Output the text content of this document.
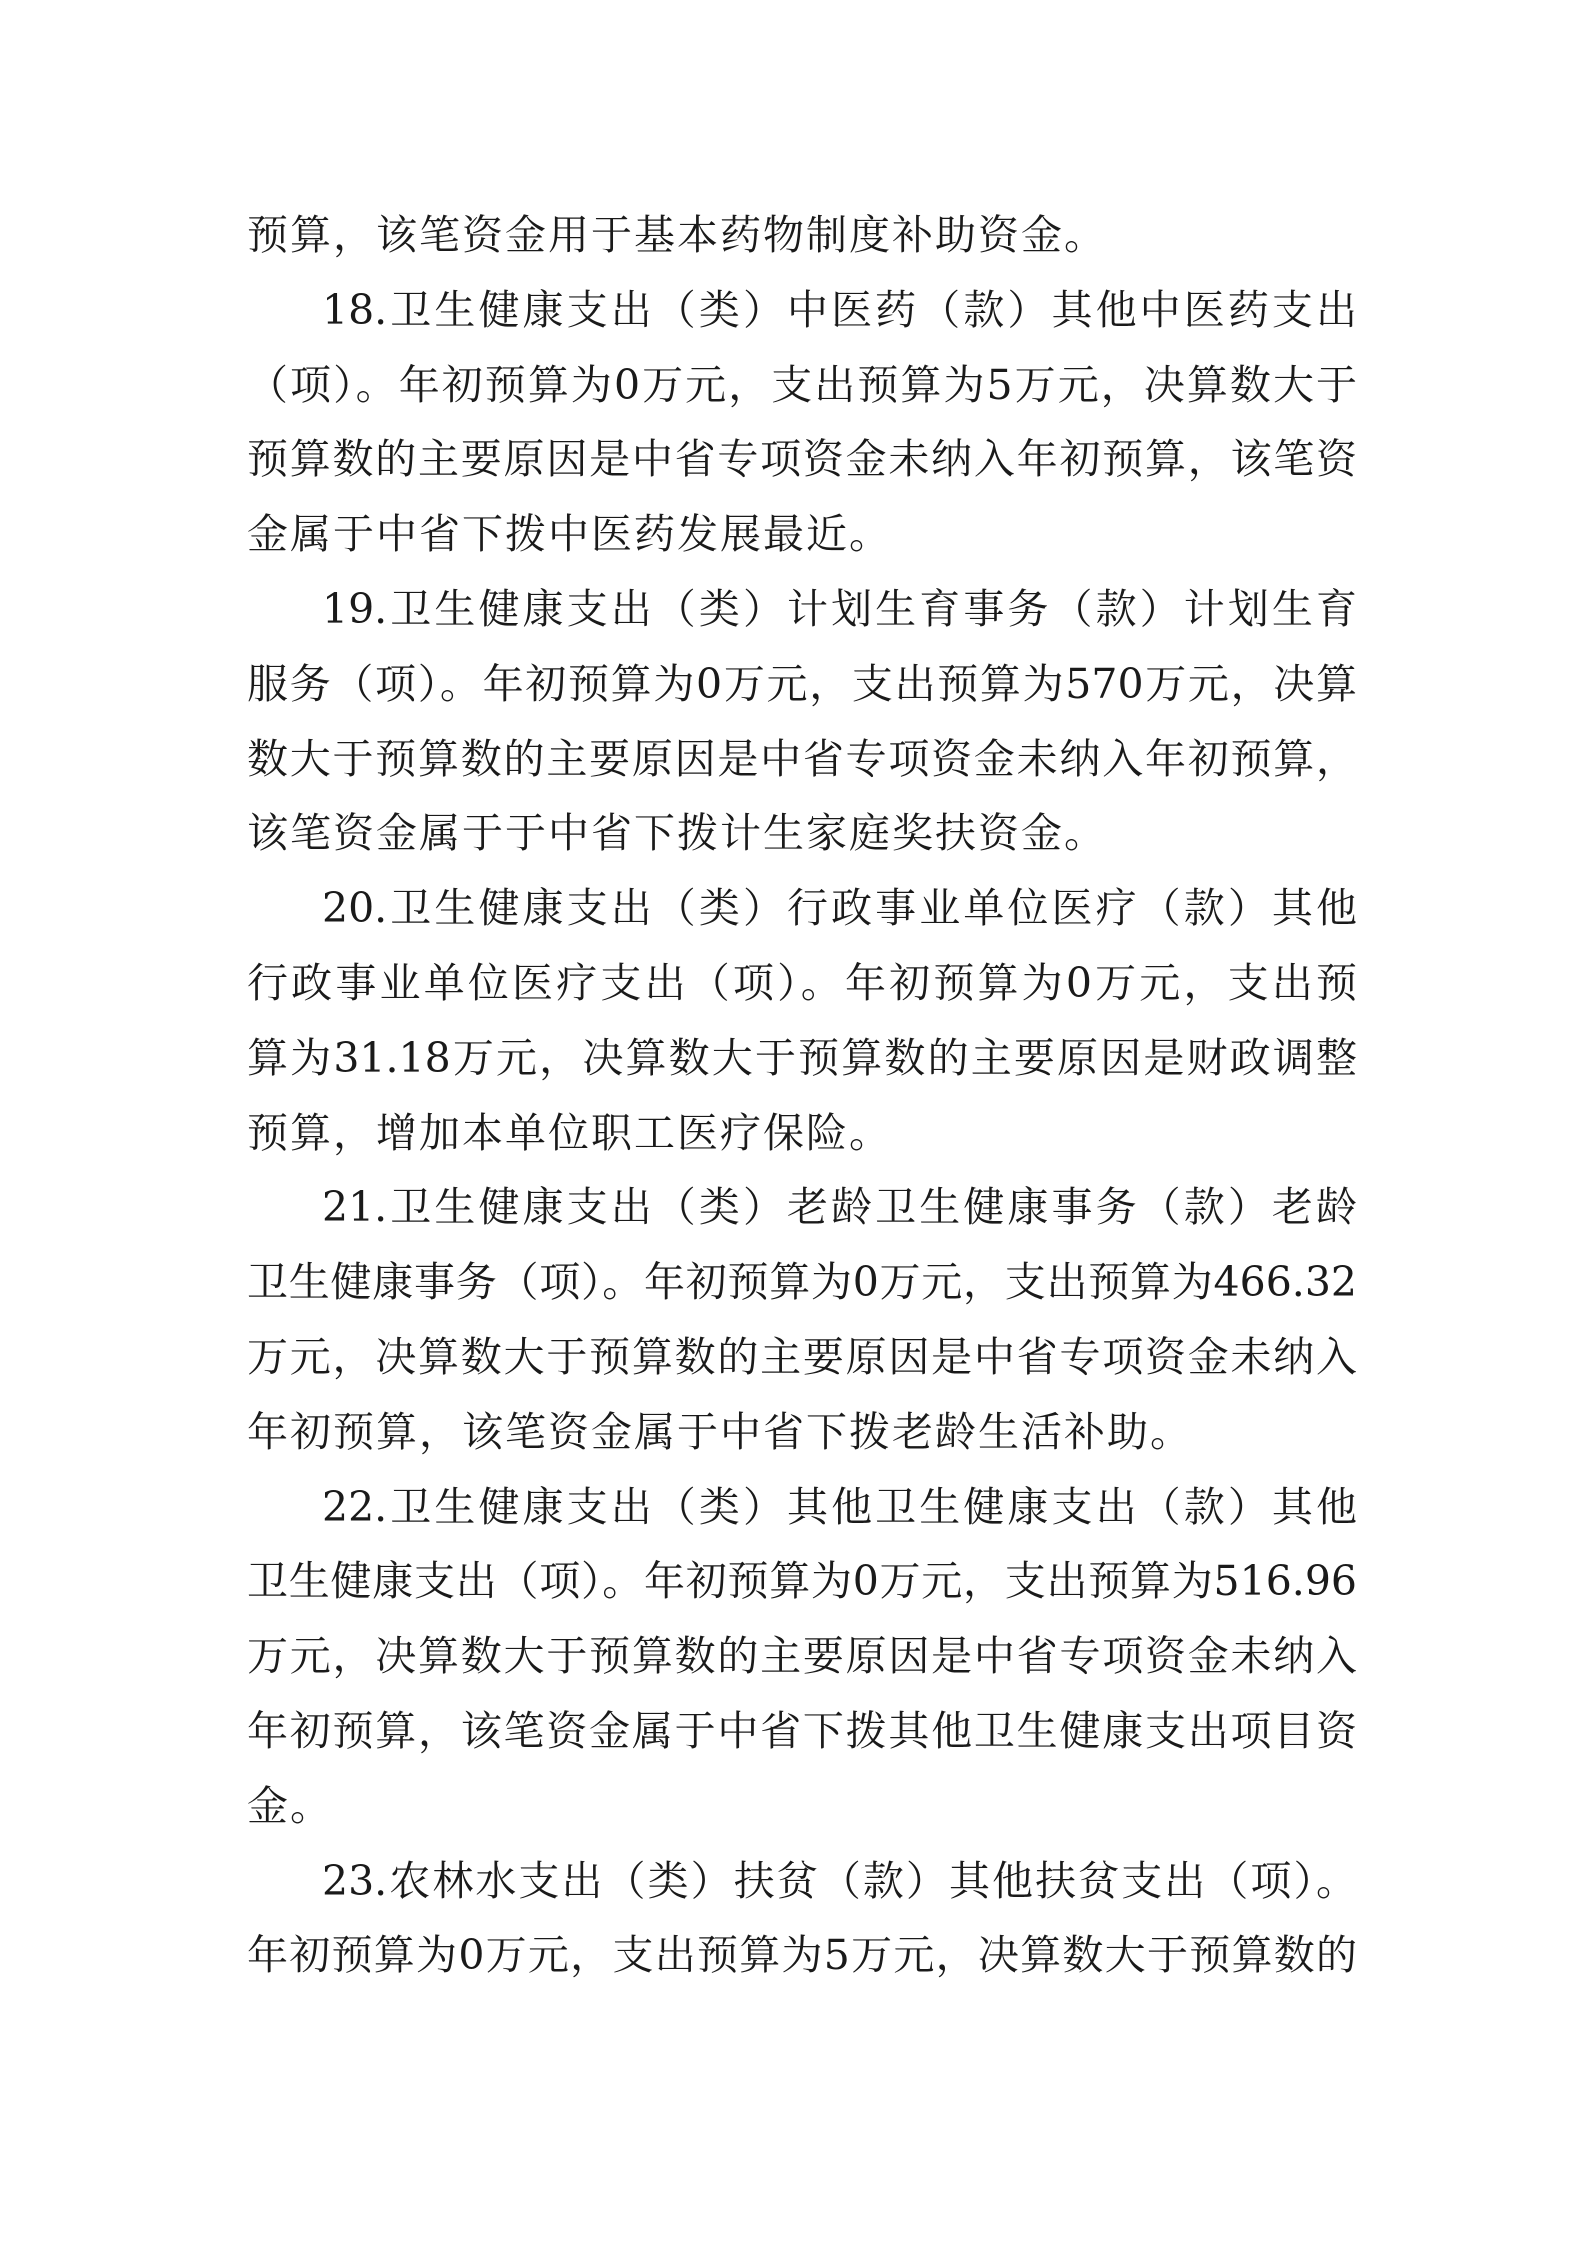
预算，该笔资金用于基本药物制度补助资金。
18.卫生健康支出（类）中医药（款）其他中医药支出
（项）。年初预算为0万元，支出预算为5万元，决算数大于
预算数的主要原因是中省专项资金未纳入年初预算，该笔资
金属于中省下拨中医药发展最近。
19.卫生健康支出（类）计划生育事务（款）计划生育
服务（项）。年初预算为0万元，支出预算为570万元，决算
数大于预算数的主要原因是中省专项资金未纳入年初预算，
该笔资金属于于中省下拨计生家庭奖扶资金。
20.卫生健康支出（类）行政事业单位医疗（款）其他
行政事业单位医疗支出（项）。年初预算为0万元，支出预
算为31.18万元，决算数大于预算数的主要原因是财政调整
预算，增加本单位职工医疗保险。
21.卫生健康支出（类）老龄卫生健康事务（款）老龄
卫生健康事务（项）。年初预算为0万元，支出预算为466.32
万元，决算数大于预算数的主要原因是中省专项资金未纳入
年初预算，该笔资金属于中省下拨老龄生活补助。
22.卫生健康支出（类）其他卫生健康支出（款）其他
卫生健康支出（项）。年初预算为0万元，支出预算为516.96
万元，决算数大于预算数的主要原因是中省专项资金未纳入
年初预算，该笔资金属于中省下拨其他卫生健康支出项目资
金。
23.农林水支出（类）扶贫（款）其他扶贫支出（项）。
年初预算为0万元，支出预算为5万元，决算数大于预算数的
